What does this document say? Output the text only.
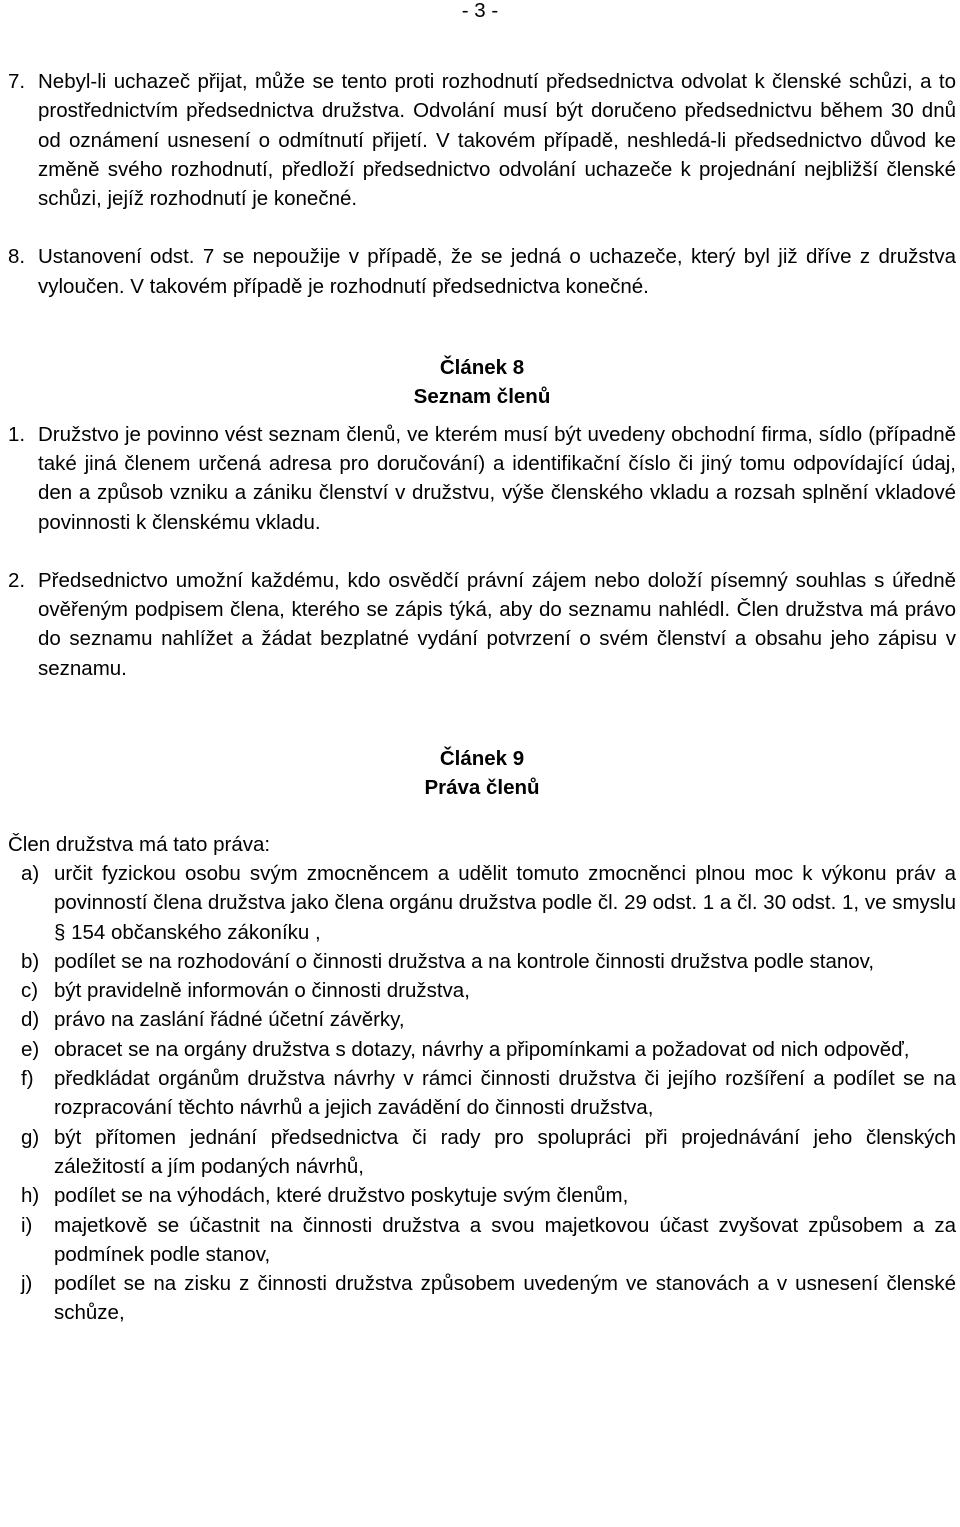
- 3 -
7. Nebyl-li uchazeč přijat, může se tento proti rozhodnutí předsednictva odvolat k členské schůzi, a to prostřednictvím předsednictva družstva. Odvolání musí být doručeno předsednictvu během 30 dnů od oznámení usnesení o odmítnutí přijetí. V takovém případě, neshledá-li předsednictvo důvod ke změně svého rozhodnutí, předloží předsednictvo odvolání uchazeče k projednání nejbližší členské schůzi, jejíž rozhodnutí je konečné.
8. Ustanovení odst. 7 se nepoužije v případě, že se jedná o uchazeče, který byl již dříve z družstva vyloučen. V takovém případě je rozhodnutí předsednictva konečné.
Článek 8
Seznam členů
1. Družstvo je povinno vést seznam členů, ve kterém musí být uvedeny obchodní firma, sídlo (případně také jiná členem určená adresa pro doručování) a identifikační číslo či jiný tomu odpovídající údaj, den a způsob vzniku a zániku členství v družstvu, výše členského vkladu a rozsah splnění vkladové povinnosti k členskému vkladu.
2. Předsednictvo umožní každému, kdo osvědčí právní zájem nebo doloží písemný souhlas s úředně ověřeným podpisem člena, kterého se zápis týká, aby do seznamu nahlédl. Člen družstva má právo do seznamu nahlížet a žádat bezplatné vydání potvrzení o svém členství a obsahu jeho zápisu v seznamu.
Článek 9
Práva členů

Člen družstva má tato práva:

a) určit fyzickou osobu svým zmocněncem a udělit tomuto zmocněnci plnou moc k výkonu práv a povinností člena družstva jako člena orgánu družstva podle čl. 29 odst. 1 a čl. 30 odst. 1, ve smyslu § 154 občanského zákoníku ,
b) podílet se na rozhodování o činnosti družstva a na kontrole činnosti družstva podle stanov,
c) být pravidelně informován o činnosti družstva,
d) právo na zaslání řádné účetní závěrky,
e) obracet se na orgány družstva s dotazy, návrhy a připomínkami a požadovat od nich odpověď,
f) předkládat orgánům družstva návrhy v rámci činnosti družstva či jejího rozšíření a podílet se na rozpracování těchto návrhů a jejich zavádění do činnosti družstva,
g) být přítomen jednání předsednictva či rady pro spolupráci při projednávání jeho členských záležitostí a jím podaných návrhů,
h) podílet se na výhodách, které družstvo poskytuje svým členům,
i)	majetkově se účastnit na činnosti družstva a svou majetkovou účast zvyšovat způsobem a za podmínek podle stanov,
j)	podílet se na zisku z činnosti družstva způsobem uvedeným ve stanovách a v usnesení členské schůze,
